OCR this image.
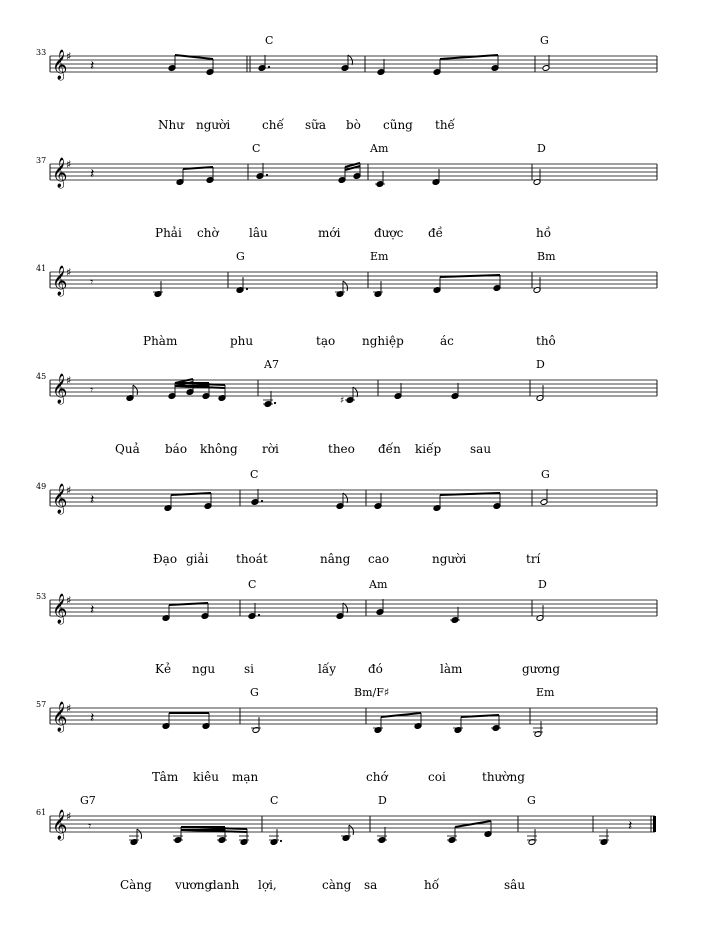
𝄞
♯
33
C	G
Như người	chế sữa bò cũng thế
𝄽
𝄞
♯
37
C	Am	D
Phải chờ	lâu	mới	được đề	hồ
𝄽
𝄞
♯
41
G	Em	Bm
Phàm	phu	tạo nghiệp	ác	thô
𝄾
𝄞
♯
45
A7	D
Quả báo không rời	theo đến kiếp sau
𝄾
♯
𝄞
♯
49
C	G
Đạo giải thoát	nâng cao	người	trí
𝄽
𝄞
♯
53
C	Am	D
Kẻ ngu si	lấy	đó	làm	gương
𝄽
𝄞
♯
57
G	Bm/F♯	Em
Tâm kiêu mạn	chớ	coi	thường
𝄽
𝄞
♯
61
G7	C	D	G
Càng vương
danh lợi,	càng sa	hố	sâu
𝄾	𝄽
